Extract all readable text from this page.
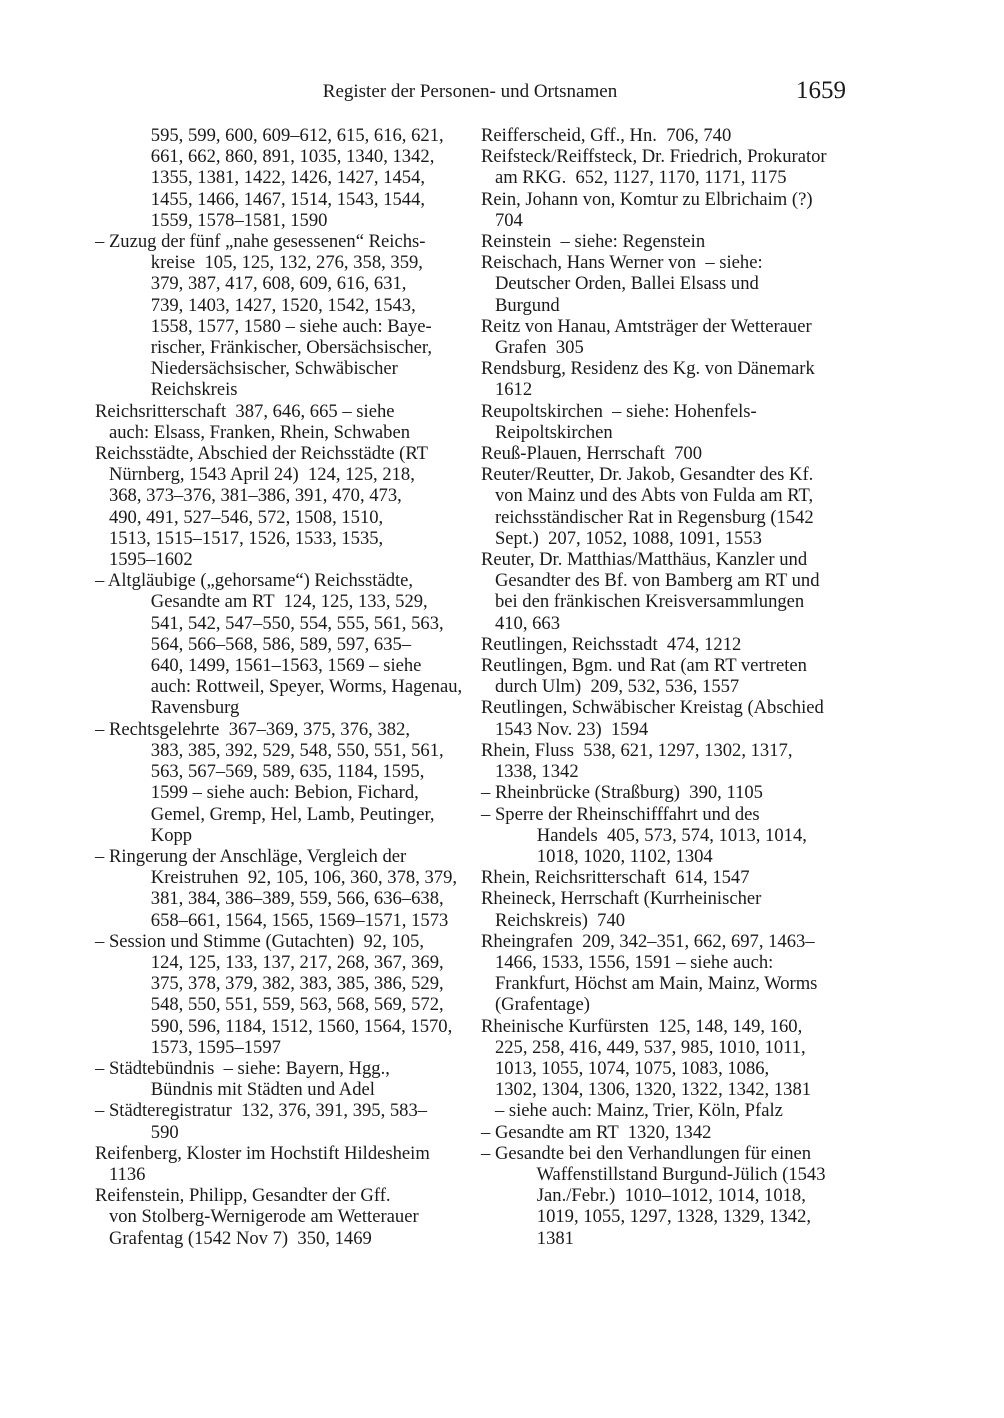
Register der Personen- und Ortsnamen	1659
595, 599, 600, 609–612, 615, 616, 621,
661, 662, 860, 891, 1035, 1340, 1342,
1355, 1381, 1422, 1426, 1427, 1454,
1455, 1466, 1467, 1514, 1543, 1544,
1559, 1578–1581, 1590
– Zuzug der fünf „nahe gesessenen“ Reichs-
kreise  105, 125, 132, 276, 358, 359,
379, 387, 417, 608, 609, 616, 631,
739, 1403, 1427, 1520, 1542, 1543,
1558, 1577, 1580 – siehe auch: Baye-
rischer, Fränkischer, Obersächsischer,
Niedersächsischer, Schwäbischer
Reichskreis
Reichsritterschaft  387, 646, 665 – siehe
auch: Elsass, Franken, Rhein, Schwaben
Reichsstädte, Abschied der Reichsstädte (RT
Nürnberg, 1543 April 24)  124, 125, 218,
368, 373–376, 381–386, 391, 470, 473,
490, 491, 527–546, 572, 1508, 1510,
1513, 1515–1517, 1526, 1533, 1535,
1595–1602
– Altgläubige („gehorsame“) Reichsstädte,
Gesandte am RT  124, 125, 133, 529,
541, 542, 547–550, 554, 555, 561, 563,
564, 566–568, 586, 589, 597, 635–
640, 1499, 1561–1563, 1569 – siehe
auch: Rottweil, Speyer, Worms, Hagenau,
Ravensburg
– Rechtsgelehrte  367–369, 375, 376, 382,
383, 385, 392, 529, 548, 550, 551, 561,
563, 567–569, 589, 635, 1184, 1595,
1599 – siehe auch: Bebion, Fichard,
Gemel, Gremp, Hel, Lamb, Peutinger,
Kopp
– Ringerung der Anschläge, Vergleich der
Kreistruhen  92, 105, 106, 360, 378, 379,
381, 384, 386–389, 559, 566, 636–638,
658–661, 1564, 1565, 1569–1571, 1573
– Session und Stimme (Gutachten)  92, 105,
124, 125, 133, 137, 217, 268, 367, 369,
375, 378, 379, 382, 383, 385, 386, 529,
548, 550, 551, 559, 563, 568, 569, 572,
590, 596, 1184, 1512, 1560, 1564, 1570,
1573, 1595–1597
– Städtebündnis  – siehe: Bayern, Hgg.,
Bündnis mit Städten und Adel
– Städteregistratur  132, 376, 391, 395, 583–
590
Reifenberg, Kloster im Hochstift Hildesheim
1136
Reifenstein, Philipp, Gesandter der Gff.
von Stolberg-Wernigerode am Wetterauer
Grafentag (1542 Nov 7)  350, 1469
Reifferscheid, Gff., Hn.  706, 740
Reifsteck/Reiffsteck, Dr. Friedrich, Prokurator
am RKG.  652, 1127, 1170, 1171, 1175
Rein, Johann von, Komtur zu Elbrichaim (?)
704
Reinstein  – siehe: Regenstein
Reischach, Hans Werner von  – siehe:
Deutscher Orden, Ballei Elsass und
Burgund
Reitz von Hanau, Amtsträger der Wetterauer
Grafen  305
Rendsburg, Residenz des Kg. von Dänemark
1612
Reupoltskirchen  – siehe: Hohenfels-
Reipoltskirchen
Reuß-Plauen, Herrschaft  700
Reuter/Reutter, Dr. Jakob, Gesandter des Kf.
von Mainz und des Abts von Fulda am RT,
reichsständischer Rat in Regensburg (1542
Sept.)  207, 1052, 1088, 1091, 1553
Reuter, Dr. Matthias/Matthäus, Kanzler und
Gesandter des Bf. von Bamberg am RT und
bei den fränkischen Kreisversammlungen
410, 663
Reutlingen, Reichsstadt  474, 1212
Reutlingen, Bgm. und Rat (am RT vertreten
durch Ulm)  209, 532, 536, 1557
Reutlingen, Schwäbischer Kreistag (Abschied
1543 Nov. 23)  1594
Rhein, Fluss  538, 621, 1297, 1302, 1317,
1338, 1342
– Rheinbrücke (Straßburg)  390, 1105
– Sperre der Rheinschifffahrt und des
Handels  405, 573, 574, 1013, 1014,
1018, 1020, 1102, 1304
Rhein, Reichsritterschaft  614, 1547
Rheineck, Herrschaft (Kurrheinischer
Reichskreis)  740
Rheingrafen  209, 342–351, 662, 697, 1463–
1466, 1533, 1556, 1591 – siehe auch:
Frankfurt, Höchst am Main, Mainz, Worms
(Grafentage)
Rheinische Kurfürsten  125, 148, 149, 160,
225, 258, 416, 449, 537, 985, 1010, 1011,
1013, 1055, 1074, 1075, 1083, 1086,
1302, 1304, 1306, 1320, 1322, 1342, 1381
– siehe auch: Mainz, Trier, Köln, Pfalz
– Gesandte am RT  1320, 1342
– Gesandte bei den Verhandlungen für einen
Waffenstillstand Burgund-Jülich (1543
Jan./Febr.)  1010–1012, 1014, 1018,
1019, 1055, 1297, 1328, 1329, 1342,
1381
